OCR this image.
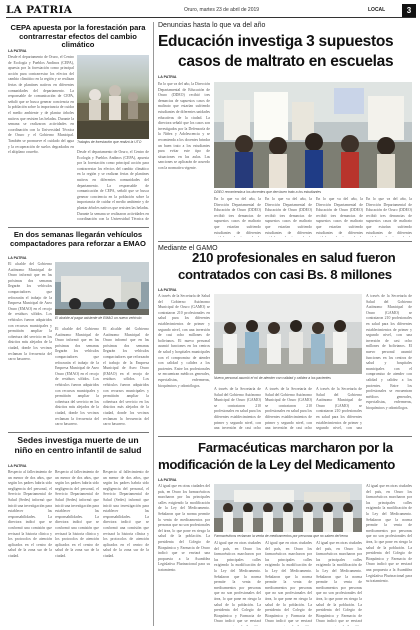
LA PATRIA	Oruro, martes 23 de abril de 2019	LOCAL	3
CEPA apuesta por la forestación para contrarrestar efectos del cambio climático
LA PATRIA
Desde el departamento de Oruro, el Centro de Ecología y Pueblos Andinos (CEPA), apuesta por la forestación como principal acción para contrarrestar los efectos del cambio climático en la región y se realizan ferias de plantines nativos en diferentes comunidades del departamento. La responsable de comunicación de CEPA, señaló que se busca generar conciencia en la población sobre la importancia de cuidar el medio ambiente y de plantar árboles nativos que resisten las heladas. Durante la semana se realizaron actividades en coordinación con la Universidad Técnica de Oruro y el Gobierno Municipal. También se promueve el cuidado del agua y la recuperación de suelos degradados en el altiplano orureño.
Trabajos de forestación que realizó la UTO
Desde el departamento de Oruro, el Centro de Ecología y Pueblos Andinos (CEPA), apuesta por la forestación como principal acción para contrarrestar los efectos del cambio climático en la región y se realizan ferias de plantines nativos en diferentes comunidades del departamento. La responsable de comunicación de CEPA, señaló que se busca generar conciencia en la población sobre la importancia de cuidar el medio ambiente y de plantar árboles nativos que resisten las heladas. Durante la semana se realizaron actividades en coordinación con la Universidad Técnica de
En dos semanas llegarán vehículos compactadores para reforzar a EMAO
LA PATRIA
El alcalde del Gobierno Autónomo Municipal de Oruro informó que en las próximas dos semanas llegarán los vehículos compactadores que reforzarán el trabajo de la Empresa Municipal de Aseo Oruro (EMAO) en el recojo de residuos sólidos. Los vehículos fueron adquiridos con recursos municipales y permitirán ampliar la cobertura del servicio en los distritos más alejados de la ciudad, donde los vecinos reclaman la frecuencia del carro basurero.
El alcalde al pagar asistente de EMAO un nuevo vehículo
El alcalde del Gobierno Autónomo Municipal de Oruro informó que en las próximas dos semanas llegarán los vehículos compactadores que reforzarán el trabajo de la Empresa Municipal de Aseo Oruro (EMAO) en el recojo de residuos sólidos. Los vehículos fueron adquiridos con recursos municipales y permitirán ampliar la cobertura del servicio en los distritos más alejados de la ciudad, donde los vecinos reclaman la frecuencia del carro basurero.
El alcalde del Gobierno Autónomo Municipal de Oruro informó que en las próximas dos semanas llegarán los vehículos compactadores que reforzarán el trabajo de la Empresa Municipal de Aseo Oruro (EMAO) en el recojo de residuos sólidos. Los vehículos fueron adquiridos con recursos municipales y permitirán ampliar la cobertura del servicio en los distritos más alejados de la ciudad, donde los vecinos reclaman la frecuencia del carro basurero.
Sedes investiga muerte de un niño en centro infantil de salud
LA PATRIA
Respecto al fallecimiento de un menor de dos años, que según los padres habría sido negligencia del personal, el Servicio Departamental de Salud (Sedes) informó que inició una investigación para establecer las responsabilidades. La directora indicó que se conformó una comisión que revisará la historia clínica y los protocolos de atención aplicados en el centro de salud de la zona sur de la ciudad.
Respecto al fallecimiento de un menor de dos años, que según los padres habría sido negligencia del personal, el Servicio Departamental de Salud (Sedes) informó que inició una investigación para establecer las responsabilidades. La directora indicó que se conformó una comisión que revisará la historia clínica y los protocolos de atención aplicados en el centro de salud de la zona sur de la ciudad.
Respecto al fallecimiento de un menor de dos años, que según los padres habría sido negligencia del personal, el Servicio Departamental de Salud (Sedes) informó que inició una investigación para establecer las responsabilidades. La directora indicó que se conformó una comisión que revisará la historia clínica y los protocolos de atención aplicados en el centro de salud de la zona sur de la ciudad.
Denuncias hasta lo que va del año
Educación investiga 3 supuestos
casos de maltrato en escuelas
LA PATRIA
En lo que va del año, la Dirección Departamental de Educación de Oruro (DDEO) recibió tres denuncias de supuestos casos de maltrato que estarían sufriendo estudiantes de diferentes unidades educativas de la ciudad. La directora señaló que los casos son investigados por la Defensoría de la Niñez y Adolescencia y se recomienda a los docentes brindar un buen trato a los estudiantes para evitar este tipo de situaciones en las aulas. Las sanciones se aplicarán de acuerdo con la normativa vigente.
DDEO recomienda a los docentes que den buen trato a los estudiantes
En lo que va del año, la Dirección Departamental de Educación de Oruro (DDEO) recibió tres denuncias de supuestos casos de maltrato que estarían sufriendo estudiantes de diferentes
En lo que va del año, la Dirección Departamental de Educación de Oruro (DDEO) recibió tres denuncias de supuestos casos de maltrato que estarían sufriendo estudiantes de diferentes
En lo que va del año, la Dirección Departamental de Educación de Oruro (DDEO) recibió tres denuncias de supuestos casos de maltrato que estarían sufriendo estudiantes de diferentes
En lo que va del año, la Dirección Departamental de Educación de Oruro (DDEO) recibió tres denuncias de supuestos casos de maltrato que estarían sufriendo estudiantes de diferentes
Mediante el GAMO
210 profesionales en salud fueron
contratados con casi Bs. 8 millones
LA PATRIA
A través de la Secretaría de Salud del Gobierno Autónomo Municipal de Oruro (GAMO) se contrataron 210 profesionales en salud para los diferentes establecimientos de primer y segundo nivel, con una inversión de casi ocho millones de bolivianos. El nuevo personal asumió funciones en los centros de salud y hospitales municipales con el compromiso de atender con calidad y calidez a los pacientes. Entre los profesionales se encuentran médicos generales, especialistas, enfermeras, bioquímicos y odontólogos.
Nuevo personal asumió el rol de atender con calidad y calidez a los pacientes
A través de la Secretaría de Salud del Gobierno Autónomo Municipal de Oruro (GAMO) se contrataron 210 profesionales en salud para los diferentes establecimientos de primer y segundo nivel, con una inversión de casi ocho
A través de la Secretaría de Salud del Gobierno Autónomo Municipal de Oruro (GAMO) se contrataron 210 profesionales en salud para los diferentes establecimientos de primer y segundo nivel, con una inversión de casi ocho
A través de la Secretaría de Salud del Gobierno Autónomo Municipal de Oruro (GAMO) se contrataron 210 profesionales en salud para los diferentes establecimientos de primer y segundo nivel, con una
A través de la Secretaría de Salud del Gobierno Autónomo Municipal de Oruro (GAMO) se contrataron 210 profesionales en salud para los diferentes establecimientos de primer y segundo nivel, con una inversión de casi ocho millones de bolivianos. El nuevo personal asumió funciones en los centros de salud y hospitales municipales con el compromiso de atender con calidad y calidez a los pacientes. Entre los profesionales se encuentran médicos generales, especialistas, enfermeras, bioquímicos y odontólogos.
Farmacéuticas marcharon por la
modificación de la Ley del Medicamento
LA PATRIA
Al igual que en otras ciudades del país, en Oruro los farmacéuticos marcharon por las principales calles exigiendo la modificación de la Ley del Medicamento. Señalaron que la norma permite la venta de medicamentos por personas que no son profesionales del área, lo que pone en riesgo la salud de la población. La presidenta del Colegio de Bioquímica y Farmacia de Oruro indicó que se enviará una propuesta a la Asamblea Legislativa Plurinacional para su tratamiento.
Farmacéuticos reclaman la venta de medicamentos por personas que no saben del tema
Al igual que en otras ciudades del país, en Oruro los farmacéuticos marcharon por las principales calles exigiendo la modificación de la Ley del Medicamento. Señalaron que la norma permite la venta de medicamentos por personas que no son profesionales del área, lo que pone en riesgo la salud de la población. La presidenta del Colegio de Bioquímica y Farmacia de Oruro indicó que se enviará
Al igual que en otras ciudades del país, en Oruro los farmacéuticos marcharon por las principales calles exigiendo la modificación de la Ley del Medicamento. Señalaron que la norma permite la venta de medicamentos por personas que no son profesionales del área, lo que pone en riesgo la salud de la población. La presidenta del Colegio de Bioquímica y Farmacia de Oruro indicó que se enviará
Al igual que en otras ciudades del país, en Oruro los farmacéuticos marcharon por las principales calles exigiendo la modificación de la Ley del Medicamento. Señalaron que la norma permite la venta de medicamentos por personas que no son profesionales del área, lo que pone en riesgo la salud de la población. La presidenta del Colegio de Bioquímica y Farmacia de Oruro indicó que se enviará
Al igual que en otras ciudades del país, en Oruro los farmacéuticos marcharon por las principales calles exigiendo la modificación de la Ley del Medicamento. Señalaron que la norma permite la venta de medicamentos por personas que no son profesionales del área, lo que pone en riesgo la salud de la población. La presidenta del Colegio de Bioquímica y Farmacia de Oruro indicó que se enviará una propuesta a la Asamblea Legislativa Plurinacional para su tratamiento.
